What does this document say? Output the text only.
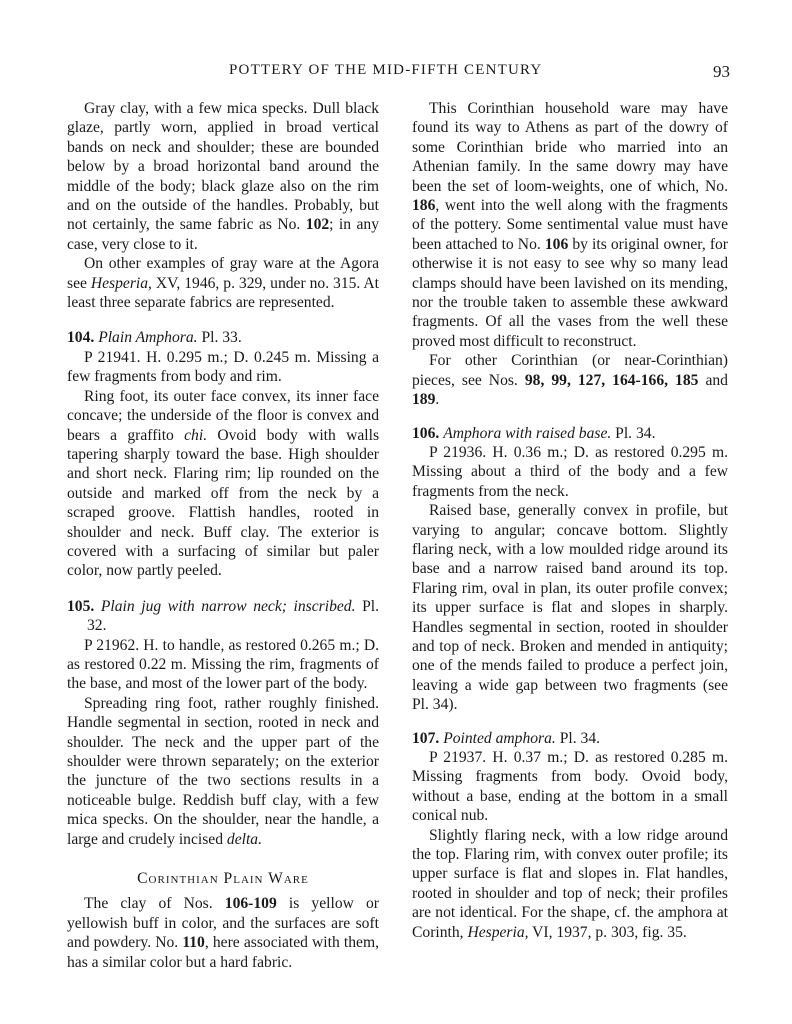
POTTERY OF THE MID-FIFTH CENTURY	93

Gray clay, with a few mica specks. Dull black glaze, partly worn, applied in broad vertical bands on neck and shoulder; these are bounded below by a broad horizontal band around the middle of the body; black glaze also on the rim and on the outside of the handles. Probably, but not certainly, the same fabric as No. 102; in any case, very close to it.

On other examples of gray ware at the Agora see Hesperia, XV, 1946, p. 329, under no. 315. At least three separate fabrics are represented.

104. Plain Amphora. Pl. 33.

P 21941. H. 0.295 m.; D. 0.245 m. Missing a few fragments from body and rim.

Ring foot, its outer face convex, its inner face concave; the underside of the floor is convex and bears a graffito chi. Ovoid body with walls tapering sharply toward the base. High shoulder and short neck. Flaring rim; lip rounded on the outside and marked off from the neck by a scraped groove. Flattish handles, rooted in shoulder and neck. Buff clay. The exterior is covered with a surfacing of similar but paler color, now partly peeled.

105. Plain jug with narrow neck; inscribed. Pl. 32.

P 21962. H. to handle, as restored 0.265 m.; D. as restored 0.22 m. Missing the rim, fragments of the base, and most of the lower part of the body.

Spreading ring foot, rather roughly finished. Handle segmental in section, rooted in neck and shoulder. The neck and the upper part of the shoulder were thrown separately; on the exterior the juncture of the two sections results in a noticeable bulge. Reddish buff clay, with a few mica specks. On the shoulder, near the handle, a large and crudely incised delta.

Corinthian Plain Ware

The clay of Nos. 106-109 is yellow or yellowish buff in color, and the surfaces are soft and powdery. No. 110, here associated with them, has a similar color but a hard fabric.

This Corinthian household ware may have found its way to Athens as part of the dowry of some Corinthian bride who married into an Athenian family. In the same dowry may have been the set of loom-weights, one of which, No. 186, went into the well along with the fragments of the pottery. Some sentimental value must have been attached to No. 106 by its original owner, for otherwise it is not easy to see why so many lead clamps should have been lavished on its mending, nor the trouble taken to assemble these awkward fragments. Of all the vases from the well these proved most difficult to reconstruct.

For other Corinthian (or near-Corinthian) pieces, see Nos. 98, 99, 127, 164-166, 185 and 189.

106. Amphora with raised base. Pl. 34.

P 21936. H. 0.36 m.; D. as restored 0.295 m. Missing about a third of the body and a few fragments from the neck.

Raised base, generally convex in profile, but varying to angular; concave bottom. Slightly flaring neck, with a low moulded ridge around its base and a narrow raised band around its top. Flaring rim, oval in plan, its outer profile convex; its upper surface is flat and slopes in sharply. Handles segmental in section, rooted in shoulder and top of neck. Broken and mended in antiquity; one of the mends failed to produce a perfect join, leaving a wide gap between two fragments (see Pl. 34).

107. Pointed amphora. Pl. 34.

P 21937. H. 0.37 m.; D. as restored 0.285 m. Missing fragments from body. Ovoid body, without a base, ending at the bottom in a small conical nub.

Slightly flaring neck, with a low ridge around the top. Flaring rim, with convex outer profile; its upper surface is flat and slopes in. Flat handles, rooted in shoulder and top of neck; their profiles are not identical. For the shape, cf. the amphora at Corinth, Hesperia, VI, 1937, p. 303, fig. 35.
